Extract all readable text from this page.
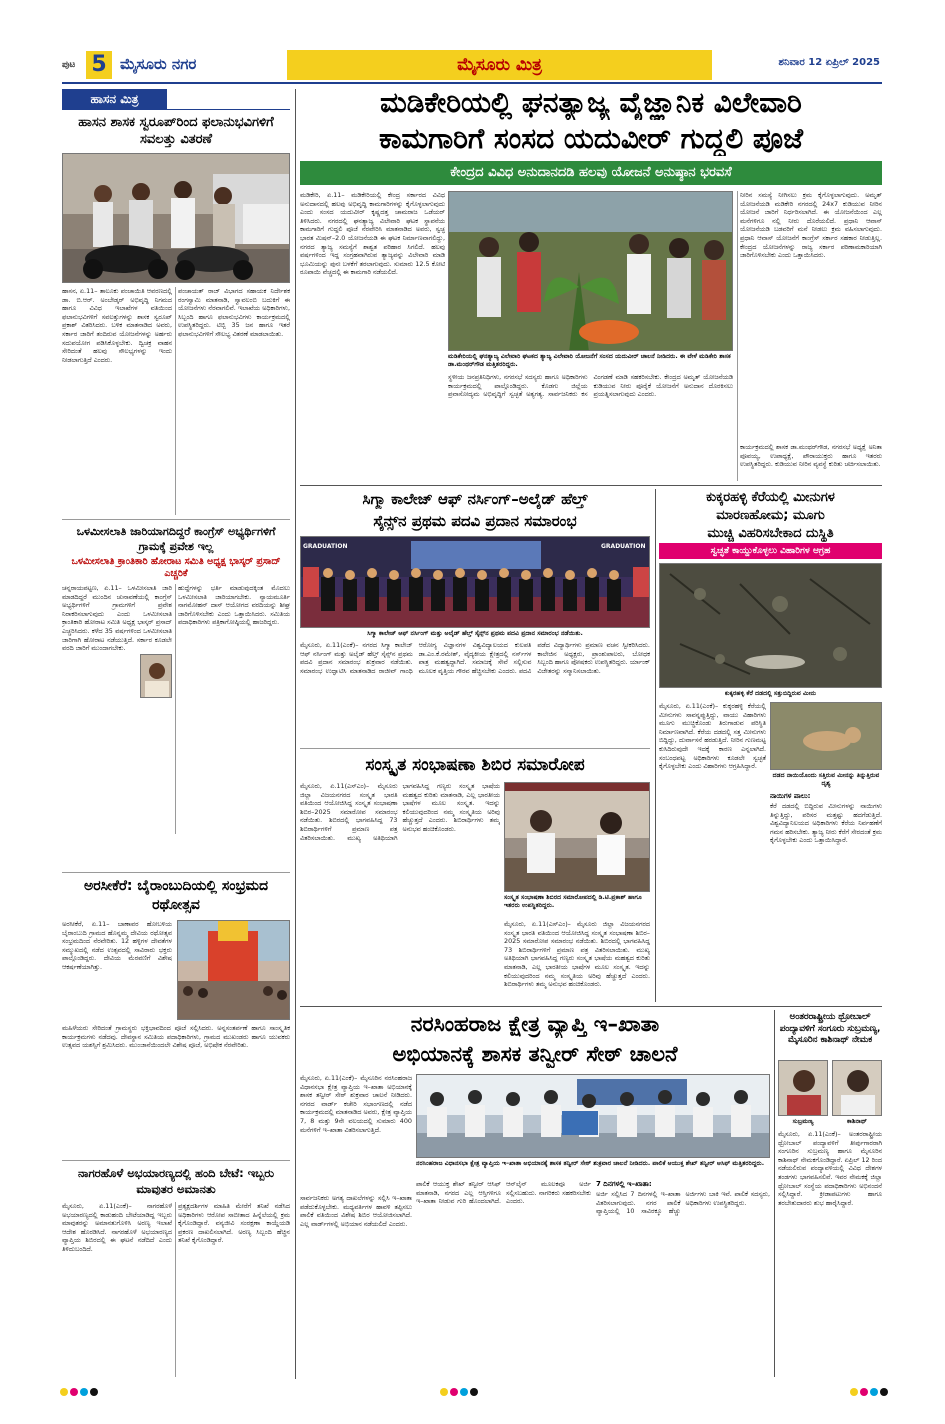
ಪುಟ 5 ಮೈಸೂರು ನಗರ	ಮೈಸೂರು ಮಿತ್ರ	ಶನಿವಾರ 12 ಏಪ್ರಿಲ್ 2025
ಹಾಸನ ಮಿತ್ರ
ಹಾಸನ ಶಾಸಕ ಸ್ವರೂಪ್‌ರಿಂದ ಫಲಾನುಭವಿಗಳಿಗೆ ಸವಲತ್ತು ವಿತರಣೆ
ಹಾಸನ, ಏ.11– ತಾಲೂಕು ಪಂಚಾಯಿತಿ ಆವರಣದಲ್ಲಿ ಡಾ. ಬಿ.ಆರ್. ಅಂಬೇಡ್ಕರ್ ಅಭಿವೃದ್ಧಿ ನಿಗಮದ ಹಾಗೂ ವಿವಿಧ ಇಲಾಖೆಗಳ ವತಿಯಿಂದ ಫಲಾನುಭವಿಗಳಿಗೆ ಸವಲತ್ತುಗಳನ್ನು ಶಾಸಕ ಸ್ವರೂಪ್ ಪ್ರಕಾಶ್ ವಿತರಿಸಿದರು. ಬಳಿಕ ಮಾತನಾಡಿದ ಅವರು, ಸರ್ಕಾರ ಜಾರಿಗೆ ತಂದಿರುವ ಯೋಜನೆಗಳನ್ನು ಅರ್ಹರು ಸದುಪಯೋಗ ಪಡಿಸಿಕೊಳ್ಳಬೇಕು. ದ್ವಿಚಕ್ರ ವಾಹನ ಸೇರಿದಂತೆ ಹಲವು ಸೌಲಭ್ಯಗಳನ್ನು ಇಂದು ನೀಡಲಾಗುತ್ತಿದೆ ಎಂದರು.
ಪಂಚಾಯತ್ ರಾಜ್ ವಿಭಾಗದ ಸಹಾಯಕ ನಿರ್ದೇಶಕ ರಂಗಸ್ವಾಮಿ ಮಾತನಾಡಿ, ಸ್ವಾವಲಂಬಿ ಬದುಕಿಗೆ ಈ ಯೋಜನೆಗಳು ನೆರವಾಗಲಿವೆ. ಇಲಾಖೆಯ ಅಧಿಕಾರಿಗಳು, ಸಿಬ್ಬಂದಿ ಹಾಗೂ ಫಲಾನುಭವಿಗಳು ಕಾರ್ಯಕ್ರಮದಲ್ಲಿ ಉಪಸ್ಥಿತರಿದ್ದರು. ಟಿಬ್ಬಿ 35 ಜನ ಹಾಗೂ ಇತರೆ ಫಲಾನುಭವಿಗಳಿಗೆ ಸೌಲಭ್ಯ ವಿತರಣೆ ಮಾಡಲಾಯಿತು.
ಒಳಮೀಸಲಾತಿ ಜಾರಿಯಾಗದಿದ್ದರೆ ಕಾಂಗ್ರೆಸ್ ಅಭ್ಯರ್ಥಿಗಳಿಗೆ ಗ್ರಾಮಕ್ಕೆ ಪ್ರವೇಶ ಇಲ್ಲ
ಒಳಮೀಸಲಾತಿ ಕ್ರಾಂತಿಕಾರಿ ಹೋರಾಟ ಸಮಿತಿ ಅಧ್ಯಕ್ಷ ಭಾಸ್ಕರ್ ಪ್ರಸಾದ್ ಎಚ್ಚರಿಕೆ
ಚನ್ನರಾಯಪಟ್ಟಣ, ಏ.11– ಒಳಮೀಸಲಾತಿ ಜಾರಿ ಮಾಡದಿದ್ದರೆ ಮುಂದಿನ ಚುನಾವಣೆಯಲ್ಲಿ ಕಾಂಗ್ರೆಸ್ ಅಭ್ಯರ್ಥಿಗಳಿಗೆ ಗ್ರಾಮಗಳಿಗೆ ಪ್ರವೇಶ ನಿರಾಕರಿಸಲಾಗುವುದು ಎಂದು ಒಳಮೀಸಲಾತಿ ಕ್ರಾಂತಿಕಾರಿ ಹೋರಾಟ ಸಮಿತಿ ಅಧ್ಯಕ್ಷ ಭಾಸ್ಕರ್ ಪ್ರಸಾದ್ ಎಚ್ಚರಿಸಿದರು. ಕಳೆದ 35 ವರ್ಷಗಳಿಂದ ಒಳಮೀಸಲಾತಿ ಜಾರಿಗಾಗಿ ಹೋರಾಟ ನಡೆಯುತ್ತಿದೆ. ಸರ್ಕಾರ ಕೂಡಲೇ ವರದಿ ಜಾರಿಗೆ ಮುಂದಾಗಬೇಕು.
ಹುದ್ದೆಗಳನ್ನು ಭರ್ತಿ ಮಾಡುವುದಕ್ಕಿಂತ ಮೊದಲು ಒಳಮೀಸಲಾತಿ ಜಾರಿಯಾಗಬೇಕು. ನ್ಯಾಯಮೂರ್ತಿ ನಾಗಮೋಹನ್ ದಾಸ್ ಆಯೋಗದ ವರದಿಯನ್ನು ಶೀಘ್ರ ಜಾರಿಗೊಳಿಸಬೇಕು ಎಂದು ಒತ್ತಾಯಿಸಿದರು. ಸಮಿತಿಯ ಪದಾಧಿಕಾರಿಗಳು ಪತ್ರಿಕಾಗೋಷ್ಠಿಯಲ್ಲಿ ಹಾಜರಿದ್ದರು.
ಅರಸೀಕೆರೆ: ಬೈರಾಂಬುದಿಯಲ್ಲಿ ಸಂಭ್ರಮದ ರಥೋತ್ಸವ
ಅರಸೀಕೆರೆ, ಏ.11– ಬಾಣಾವರ ಹೋಬಳಿಯ ಬೈರಾಂಬುದಿ ಗ್ರಾಮದ ಹೊನ್ನಮ್ಮ ದೇವಿಯ ರಥೋತ್ಸವ ಸಂಭ್ರಮದಿಂದ ನೆರವೇರಿತು. 12 ಹಳ್ಳಿಗಳ ದೇವತೆಗಳ ಸಮ್ಮುಖದಲ್ಲಿ ನಡೆದ ಉತ್ಸವದಲ್ಲಿ ಸಾವಿರಾರು ಭಕ್ತರು ಪಾಲ್ಗೊಂಡಿದ್ದರು. ದೇವಿಯ ಮೆರವಣಿಗೆ ವಿಶೇಷ ಆಕರ್ಷಣೆಯಾಗಿತ್ತು.
ಮಹಿಳೆಯರು ಸೇರಿದಂತೆ ಗ್ರಾಮಸ್ಥರು ಭಕ್ತಿಭಾವದಿಂದ ಪೂಜೆ ಸಲ್ಲಿಸಿದರು. ಅನ್ನಸಂತರ್ಪಣೆ ಹಾಗೂ ಸಾಂಸ್ಕೃತಿಕ ಕಾರ್ಯಕ್ರಮಗಳು ನಡೆದವು. ದೇವಸ್ಥಾನ ಸಮಿತಿಯ ಪದಾಧಿಕಾರಿಗಳು, ಗ್ರಾಮದ ಮುಖಂಡರು ಹಾಗೂ ಯುವಕರು ಉತ್ಸವದ ಯಶಸ್ಸಿಗೆ ಶ್ರಮಿಸಿದರು. ಮುಂಜಾನೆಯಿಂದಲೇ ವಿಶೇಷ ಪೂಜೆ, ಅಭಿಷೇಕ ನೆರವೇರಿತು.
ನಾಗರಹೊಳೆ ಅಭಯಾರಣ್ಯದಲ್ಲಿ ಹಂದಿ ಬೇಟೆ: ಇಬ್ಬರು ಮಾವುತರ ಅಮಾನತು
ಮೈಸೂರು, ಏ.11(ಎಂಕೆ)– ನಾಗರಹೊಳೆ ಅಭಯಾರಣ್ಯದಲ್ಲಿ ಕಾಡುಹಂದಿ ಬೇಟೆಯಾಡಿದ್ದ ಇಬ್ಬರು ಮಾವುತರನ್ನು ಅಮಾನತುಗೊಳಿಸಿ ಅರಣ್ಯ ಇಲಾಖೆ ಆದೇಶ ಹೊರಡಿಸಿದೆ. ನಾಗರಹೊಳೆ ಅಭಯಾರಣ್ಯದ ವ್ಯಾಪ್ತಿಯ ಶಿಬಿರದಲ್ಲಿ ಈ ಘಟನೆ ನಡೆದಿದೆ ಎಂದು ತಿಳಿದುಬಂದಿದೆ.
ಪ್ರತ್ಯಕ್ಷದರ್ಶಿಗಳ ಮಾಹಿತಿ ಮೇರೆಗೆ ತನಿಖೆ ನಡೆಸಿದ ಅಧಿಕಾರಿಗಳು ಆರೋಪ ಸಾಬೀತಾದ ಹಿನ್ನೆಲೆಯಲ್ಲಿ ಕ್ರಮ ಕೈಗೊಂಡಿದ್ದಾರೆ. ವನ್ಯಜೀವಿ ಸಂರಕ್ಷಣಾ ಕಾಯ್ದೆಯಡಿ ಪ್ರಕರಣ ದಾಖಲಿಸಲಾಗಿದೆ. ಅರಣ್ಯ ಸಿಬ್ಬಂದಿ ಹೆಚ್ಚಿನ ತನಿಖೆ ಕೈಗೊಂಡಿದ್ದಾರೆ.
ಮಡಿಕೇರಿಯಲ್ಲಿ ಘನತ್ಯಾಜ್ಯ ವೈಜ್ಞಾನಿಕ ವಿಲೇವಾರಿ
ಕಾಮಗಾರಿಗೆ ಸಂಸದ ಯದುವೀರ್ ಗುದ್ದಲಿ ಪೂಜೆ
ಕೇಂದ್ರದ ವಿವಿಧ ಅನುದಾನದಡಿ ಹಲವು ಯೋಜನೆ ಅನುಷ್ಠಾನ ಭರವಸೆ
ಮಡಿಕೇರಿ, ಏ.11– ಮಡಿಕೇರಿಯಲ್ಲಿ ಕೇಂದ್ರ ಸರ್ಕಾರದ ವಿವಿಧ ಅನುದಾನದಲ್ಲಿ ಹಲವು ಅಭಿವೃದ್ಧಿ ಕಾಮಗಾರಿಗಳನ್ನು ಕೈಗೊಳ್ಳಲಾಗುವುದು ಎಂದು ಸಂಸದ ಯದುವೀರ್ ಕೃಷ್ಣದತ್ತ ಚಾಮರಾಜ ಒಡೆಯರ್ ತಿಳಿಸಿದರು. ನಗರದಲ್ಲಿ ಘನತ್ಯಾಜ್ಯ ವಿಲೇವಾರಿ ಘಟಕ ಸ್ಥಾಪನೆಯ ಕಾಮಗಾರಿಗೆ ಗುದ್ದಲಿ ಪೂಜೆ ನೆರವೇರಿಸಿ ಮಾತನಾಡಿದ ಅವರು, ಸ್ವಚ್ಛ ಭಾರತ ಮಿಷನ್–2.0 ಯೋಜನೆಯಡಿ ಈ ಘಟಕ ನಿರ್ಮಾಣವಾಗಲಿದ್ದು, ನಗರದ ತ್ಯಾಜ್ಯ ಸಮಸ್ಯೆಗೆ ಶಾಶ್ವತ ಪರಿಹಾರ ಸಿಗಲಿದೆ. ಹಲವು ವರ್ಷಗಳಿಂದ ಇದ್ದ ಸಂಗ್ರಹವಾಗಿರುವ ತ್ಯಾಜ್ಯವನ್ನು ವಿಲೇವಾರಿ ಮಾಡಿ ಭೂಮಿಯನ್ನು ಪುನಃ ಬಳಕೆಗೆ ತರಲಾಗುವುದು. ಸುಮಾರು 12.5 ಕೋಟಿ ರೂಪಾಯಿ ವೆಚ್ಚದಲ್ಲಿ ಈ ಕಾಮಗಾರಿ ನಡೆಯಲಿದೆ.
ಮಡಿಕೇರಿಯಲ್ಲಿ ಘನತ್ಯಾಜ್ಯ ವಿಲೇವಾರಿ ಘಟಕದ ತ್ಯಾಜ್ಯ ವಿಲೇವಾರಿ ಯೋಜನೆಗೆ ಸಂಸದ ಯದುವೀರ್ ಚಾಲನೆ ನೀಡಿದರು. ಈ ವೇಳೆ ಮಡಿಕೇರಿ ಶಾಸಕ ಡಾ.ಮಂಥರ್‌ಗೌಡ ಮತ್ತಿತರರಿದ್ದರು.
ಸ್ಥಳೀಯ ಜನಪ್ರತಿನಿಧಿಗಳು, ನಗರಸಭೆ ಸದಸ್ಯರು ಹಾಗೂ ಅಧಿಕಾರಿಗಳು ಕಾರ್ಯಕ್ರಮದಲ್ಲಿ ಪಾಲ್ಗೊಂಡಿದ್ದರು. ಕೊಡಗು ಜಿಲ್ಲೆಯ ಪ್ರವಾಸೋದ್ಯಮ ಅಭಿವೃದ್ಧಿಗೆ ಸ್ವಚ್ಛತೆ ಅತ್ಯಗತ್ಯ. ಸಾರ್ವಜನಿಕರು ಕಸ ವಿಂಗಡಣೆ ಮಾಡಿ ಸಹಕರಿಸಬೇಕು. ಕೇಂದ್ರದ ಅಮೃತ್ ಯೋಜನೆಯಡಿ ಕುಡಿಯುವ ನೀರು ಪೂರೈಕೆ ಯೋಜನೆಗೆ ಅನುದಾನ ದೊರಕಿಸಲು ಪ್ರಯತ್ನಿಸಲಾಗುವುದು ಎಂದರು.
ನೀರಿನ ಸಮಸ್ಯೆ ನೀಗಿಸಲು ಕ್ರಮ ಕೈಗೊಳ್ಳಲಾಗುವುದು. ಅಮೃತ್ ಯೋಜನೆಯಡಿ ಮಡಿಕೇರಿ ನಗರದಲ್ಲಿ 24x7 ಕುಡಿಯುವ ನೀರಿನ ಯೋಜನೆ ಜಾರಿಗೆ ನಿರ್ಧರಿಸಲಾಗಿದೆ. ಈ ಯೋಜನೆಯಿಂದ ಎಲ್ಲ ಮನೆಗಳಿಗೂ ನಲ್ಲಿ ನೀರು ದೊರೆಯಲಿದೆ. ಪ್ರಧಾನಿ ಆವಾಸ್ ಯೋಜನೆಯಡಿ ಬಡವರಿಗೆ ಮನೆ ನೀಡಲು ಕ್ರಮ ವಹಿಸಲಾಗುವುದು. ಪ್ರಧಾನಿ ಆವಾಸ್ ಯೋಜನೆಗೆ ಕಾಂಗ್ರೆಸ್ ಸರ್ಕಾರ ಸಹಕಾರ ನೀಡುತ್ತಿಲ್ಲ. ಕೇಂದ್ರದ ಯೋಜನೆಗಳನ್ನು ರಾಜ್ಯ ಸರ್ಕಾರ ಪರಿಣಾಮಕಾರಿಯಾಗಿ ಜಾರಿಗೊಳಿಸಬೇಕು ಎಂದು ಒತ್ತಾಯಿಸಿದರು.
ಕಾರ್ಯಕ್ರಮದಲ್ಲಿ ಶಾಸಕ ಡಾ.ಮಂಥರ್‌ಗೌಡ, ನಗರಸಭೆ ಅಧ್ಯಕ್ಷೆ ಅನಿತಾ ಪೂವಯ್ಯ, ಉಪಾಧ್ಯಕ್ಷೆ, ಪೌರಾಯುಕ್ತರು ಹಾಗೂ ಇತರರು ಉಪಸ್ಥಿತರಿದ್ದರು. ಕುಡಿಯುವ ನೀರಿನ ವ್ಯವಸ್ಥೆ ಕುರಿತು ಚರ್ಚಿಸಲಾಯಿತು.
ಸಿಗ್ಮಾ ಕಾಲೇಜ್ ಆಫ್ ನರ್ಸಿಂಗ್–ಅಲೈಡ್ ಹೆಲ್ತ್
ಸೈನ್ಸ್‌ನ ಪ್ರಥಮ ಪದವಿ ಪ್ರದಾನ ಸಮಾರಂಭ
GRADUATION	GRADUATION
ಸಿಗ್ಮಾ ಕಾಲೇಜ್ ಆಫ್ ನರ್ಸಿಂಗ್ ಮತ್ತು ಅಲೈಡ್ ಹೆಲ್ತ್ ಸೈನ್ಸ್‌ನ ಪ್ರಥಮ ಪದವಿ ಪ್ರದಾನ ಸಮಾರಂಭ ನಡೆಯಿತು.
ಮೈಸೂರು, ಏ.11(ಎಂಕೆ)– ನಗರದ ಸಿಗ್ಮಾ ಕಾಲೇಜ್ ಆಫ್ ನರ್ಸಿಂಗ್ ಮತ್ತು ಅಲೈಡ್ ಹೆಲ್ತ್ ಸೈನ್ಸ್‌ನ ಪ್ರಥಮ ಪದವಿ ಪ್ರದಾನ ಸಮಾರಂಭ ಶುಕ್ರವಾರ ನಡೆಯಿತು. ಸಮಾರಂಭ ಉದ್ಘಾಟಿಸಿ ಮಾತನಾಡಿದ ರಾಜೀವ್ ಗಾಂಧಿ ಆರೋಗ್ಯ ವಿಜ್ಞಾನಗಳ ವಿಶ್ವವಿದ್ಯಾಲಯದ ಕುಲಪತಿ ಡಾ.ಎಂ.ಕೆ.ರಮೇಶ್, ವೈದ್ಯಕೀಯ ಕ್ಷೇತ್ರದಲ್ಲಿ ನರ್ಸ್‌ಗಳ ಪಾತ್ರ ಮಹತ್ವದ್ದಾಗಿದೆ. ಸಮಾಜಕ್ಕೆ ಸೇವೆ ಸಲ್ಲಿಸುವ ಮೂಲಕ ವೃತ್ತಿಯ ಗೌರವ ಹೆಚ್ಚಿಸಬೇಕು ಎಂದರು. ಪದವಿ ಪಡೆದ ವಿದ್ಯಾರ್ಥಿಗಳು ಪ್ರಮಾಣ ವಚನ ಸ್ವೀಕರಿಸಿದರು. ಕಾಲೇಜಿನ ಅಧ್ಯಕ್ಷರು, ಪ್ರಾಂಶುಪಾಲರು, ಬೋಧಕ ಸಿಬ್ಬಂದಿ ಹಾಗೂ ಪೋಷಕರು ಉಪಸ್ಥಿತರಿದ್ದರು. ರ್ಯಾಂಕ್ ವಿಜೇತರನ್ನು ಸನ್ಮಾನಿಸಲಾಯಿತು.
ಸಂಸ್ಕೃತ ಸಂಭಾಷಣಾ ಶಿಬಿರ ಸಮಾರೋಪ
ಮೈಸೂರು, ಏ.11(ಎಸ್‌ಎಂ)– ಮೈಸೂರು ಜಿಲ್ಲಾ ವಿಜಯನಗರದ ಸಂಸ್ಕೃತ ಭಾರತಿ ವತಿಯಿಂದ ಆಯೋಜಿಸಿದ್ದ ಸಂಸ್ಕೃತ ಸಂಭಾಷಣಾ ಶಿಬಿರ–2025 ಸಮಾರೋಪ ಸಮಾರಂಭ ನಡೆಯಿತು. ಶಿಬಿರದಲ್ಲಿ ಭಾಗವಹಿಸಿದ್ದ 73 ಶಿಬಿರಾರ್ಥಿಗಳಿಗೆ ಪ್ರಮಾಣ ಪತ್ರ ವಿತರಿಸಲಾಯಿತು. ಮುಖ್ಯ ಅತಿಥಿಯಾಗಿ ಭಾಗವಹಿಸಿದ್ದ ಗಣ್ಯರು ಸಂಸ್ಕೃತ ಭಾಷೆಯ ಮಹತ್ವದ ಕುರಿತು ಮಾತನಾಡಿ, ಎಲ್ಲ ಭಾರತೀಯ ಭಾಷೆಗಳ ಮೂಲ ಸಂಸ್ಕೃತ. ಇದನ್ನು ಕಲಿಯುವುದರಿಂದ ನಮ್ಮ ಸಂಸ್ಕೃತಿಯ ಅರಿವು ಹೆಚ್ಚುತ್ತದೆ ಎಂದರು. ಶಿಬಿರಾರ್ಥಿಗಳು ತಮ್ಮ ಅನುಭವ ಹಂಚಿಕೊಂಡರು.
ಸಂಸ್ಕೃತ ಸಂಭಾಷಣಾ ಶಿಬಿರದ ಸಮಾರೋಪದಲ್ಲಿ ಡಿ.ಟಿ.ಪ್ರಕಾಶ್ ಹಾಗೂ ಇತರರು ಉಪಸ್ಥಿತರಿದ್ದರು.
ಮೈಸೂರು, ಏ.11(ಎಸ್‌ಎಂ)– ಮೈಸೂರು ಜಿಲ್ಲಾ ವಿಜಯನಗರದ ಸಂಸ್ಕೃತ ಭಾರತಿ ವತಿಯಿಂದ ಆಯೋಜಿಸಿದ್ದ ಸಂಸ್ಕೃತ ಸಂಭಾಷಣಾ ಶಿಬಿರ–2025 ಸಮಾರೋಪ ಸಮಾರಂಭ ನಡೆಯಿತು. ಶಿಬಿರದಲ್ಲಿ ಭಾಗವಹಿಸಿದ್ದ 73 ಶಿಬಿರಾರ್ಥಿಗಳಿಗೆ ಪ್ರಮಾಣ ಪತ್ರ ವಿತರಿಸಲಾಯಿತು. ಮುಖ್ಯ ಅತಿಥಿಯಾಗಿ ಭಾಗವಹಿಸಿದ್ದ ಗಣ್ಯರು ಸಂಸ್ಕೃತ ಭಾಷೆಯ ಮಹತ್ವದ ಕುರಿತು ಮಾತನಾಡಿ, ಎಲ್ಲ ಭಾರತೀಯ ಭಾಷೆಗಳ ಮೂಲ ಸಂಸ್ಕೃತ. ಇದನ್ನು ಕಲಿಯುವುದರಿಂದ ನಮ್ಮ ಸಂಸ್ಕೃತಿಯ ಅರಿವು ಹೆಚ್ಚುತ್ತದೆ ಎಂದರು. ಶಿಬಿರಾರ್ಥಿಗಳು ತಮ್ಮ ಅನುಭವ ಹಂಚಿಕೊಂಡರು.
ಕುಕ್ಕರಹಳ್ಳಿ ಕೆರೆಯಲ್ಲಿ ಮೀನುಗಳ
ಮಾರಣಹೋಮ; ಮೂಗು
ಮುಚ್ಚಿ ವಿಹರಿಸಬೇಕಾದ ದುಸ್ಥಿತಿ
ಸ್ವಚ್ಛತೆ ಕಾಯ್ದುಕೊಳ್ಳಲು ವಿಹಾರಿಗಳ ಆಗ್ರಹ
ಕುಕ್ಕರಹಳ್ಳಿ ಕೆರೆ ದಡದಲ್ಲಿ ಸತ್ತುಬಿದ್ದಿರುವ ಮೀನು
ಮೈಸೂರು, ಏ.11(ಎಂಕೆ)– ಕುಕ್ಕರಹಳ್ಳಿ ಕೆರೆಯಲ್ಲಿ ಮೀನುಗಳು ಸಾವನ್ನಪ್ಪುತ್ತಿದ್ದು, ವಾಯು ವಿಹಾರಿಗಳು ಮೂಗು ಮುಚ್ಚಿಕೊಂಡು ತಿರುಗಾಡುವ ಪರಿಸ್ಥಿತಿ ನಿರ್ಮಾಣವಾಗಿದೆ. ಕೆರೆಯ ದಡದಲ್ಲಿ ಸತ್ತ ಮೀನುಗಳು ಬಿದ್ದಿದ್ದು, ದುರ್ವಾಸನೆ ಹರಡುತ್ತಿದೆ. ನೀರಿನ ಗುಣಮಟ್ಟ ಕುಸಿದಿರುವುದೇ ಇದಕ್ಕೆ ಕಾರಣ ಎನ್ನಲಾಗಿದೆ. ಸಂಬಂಧಪಟ್ಟ ಅಧಿಕಾರಿಗಳು ಕೂಡಲೇ ಸ್ವಚ್ಛತೆ ಕೈಗೊಳ್ಳಬೇಕು ಎಂದು ವಿಹಾರಿಗಳು ಆಗ್ರಹಿಸಿದ್ದಾರೆ.
ದಡದ ನಾಯಿಯೊಂದು ಸತ್ತಿರುವ ಮೀನನ್ನು ತಿನ್ನುತ್ತಿರುವ ದೃಶ್ಯ
ನಾಯಿಗಳ ಪಾಲು:
ಕೆರೆ ದಡದಲ್ಲಿ ಬಿದ್ದಿರುವ ಮೀನುಗಳನ್ನು ನಾಯಿಗಳು ತಿನ್ನುತ್ತಿದ್ದು, ಪರಿಸರ ಮತ್ತಷ್ಟು ಹದಗೆಡುತ್ತಿದೆ. ವಿಶ್ವವಿದ್ಯಾನಿಲಯದ ಅಧಿಕಾರಿಗಳು ಕೆರೆಯ ನಿರ್ವಹಣೆಗೆ ಗಮನ ಹರಿಸಬೇಕು. ತ್ಯಾಜ್ಯ ನೀರು ಕೆರೆಗೆ ಸೇರದಂತೆ ಕ್ರಮ ಕೈಗೊಳ್ಳಬೇಕು ಎಂದು ಒತ್ತಾಯಿಸಿದ್ದಾರೆ.
ನರಸಿಂಹರಾಜ ಕ್ಷೇತ್ರ ವ್ಯಾಪ್ತಿ ಇ–ಖಾತಾ
ಅಭಿಯಾನಕ್ಕೆ ಶಾಸಕ ತನ್ವೀರ್ ಸೇಠ್ ಚಾಲನೆ
ಮೈಸೂರು, ಏ.11(ಎಂಕೆ)– ಮೈಸೂರಿನ ನರಸಿಂಹರಾಜ ವಿಧಾನಸಭಾ ಕ್ಷೇತ್ರ ವ್ಯಾಪ್ತಿಯ ಇ–ಖಾತಾ ಅಭಿಯಾನಕ್ಕೆ ಶಾಸಕ ತನ್ವೀರ್ ಸೇಠ್ ಶುಕ್ರವಾರ ಚಾಲನೆ ನೀಡಿದರು. ನಗರದ ವಾರ್ಡ್ ಕಚೇರಿ ಸಭಾಂಗಣದಲ್ಲಿ ನಡೆದ ಕಾರ್ಯಕ್ರಮದಲ್ಲಿ ಮಾತನಾಡಿದ ಅವರು, ಕ್ಷೇತ್ರ ವ್ಯಾಪ್ತಿಯ 7, 8 ಮತ್ತು 9ನೇ ವಲಯದಲ್ಲಿ ಸುಮಾರು 400 ಮನೆಗಳಿಗೆ ಇ–ಖಾತಾ ವಿತರಿಸಲಾಗುತ್ತಿದೆ.
ನರಸಿಂಹರಾಜ ವಿಧಾನಸಭಾ ಕ್ಷೇತ್ರ ವ್ಯಾಪ್ತಿಯ ಇ–ಖಾತಾ ಅಭಿಯಾನಕ್ಕೆ ಶಾಸಕ ತನ್ವೀರ್ ಸೇಠ್ ಶುಕ್ರವಾರ ಚಾಲನೆ ನೀಡಿದರು. ಪಾಲಿಕೆ ಆಯುಕ್ತ ಶೇಖ್ ತನ್ವೀರ್ ಆಸಿಫ್ ಮತ್ತಿತರರಿದ್ದರು.
ಸಾರ್ವಜನಿಕರು ಅಗತ್ಯ ದಾಖಲೆಗಳನ್ನು ಸಲ್ಲಿಸಿ ಇ–ಖಾತಾ ಪಡೆದುಕೊಳ್ಳಬೇಕು. ಮಧ್ಯವರ್ತಿಗಳ ಹಾವಳಿ ತಪ್ಪಿಸಲು ಪಾಲಿಕೆ ವತಿಯಿಂದ ವಿಶೇಷ ಶಿಬಿರ ಆಯೋಜಿಸಲಾಗಿದೆ. ಎಲ್ಲ ವಾರ್ಡ್‌ಗಳಲ್ಲಿ ಅಭಿಯಾನ ನಡೆಯಲಿದೆ ಎಂದರು.
ಪಾಲಿಕೆ ಆಯುಕ್ತ ಶೇಖ್ ತನ್ವೀರ್ ಆಸಿಫ್ ಮಾತನಾಡಿ, ನಗರದ ಎಲ್ಲ ಆಸ್ತಿಗಳಿಗೂ ಇ–ಖಾತಾ ನೀಡುವ ಗುರಿ ಹೊಂದಲಾಗಿದೆ. ಆನ್‌ಲೈನ್ ಮೂಲಕವೂ ಅರ್ಜಿ ಸಲ್ಲಿಸಬಹುದು. ನಾಗರಿಕರು ಸಹಕರಿಸಬೇಕು ಎಂದರು.
7 ದಿನಗಳಲ್ಲಿ ಇ–ಖಾತಾ:
ಅರ್ಜಿ ಸಲ್ಲಿಸಿದ 7 ದಿನಗಳಲ್ಲಿ ಇ–ಖಾತಾ ವಿತರಿಸಲಾಗುವುದು. ನಗರ ಪಾಲಿಕೆ ವ್ಯಾಪ್ತಿಯಲ್ಲಿ 10 ಸಾವಿರಕ್ಕೂ ಹೆಚ್ಚು ಅರ್ಜಿಗಳು ಬಾಕಿ ಇವೆ. ಪಾಲಿಕೆ ಸದಸ್ಯರು, ಅಧಿಕಾರಿಗಳು ಉಪಸ್ಥಿತರಿದ್ದರು.
ಅಂತರರಾಷ್ಟ್ರೀಯ ಥ್ರೋಬಾಲ್ ಪಂದ್ಯಾವಳಿಗೆ ಸಂಗೂರು ಸುಬ್ರಮಣ್ಯ, ಮೈಸೂರಿನ ಕಾಶಿನಾಥ್ ನೇಮಕ
ಸುಬ್ರಮಣ್ಯ	ಕಾಶಿನಾಥ್
ಮೈಸೂರು, ಏ.11(ಎಂಕೆ)– ಅಂತರರಾಷ್ಟ್ರೀಯ ಥ್ರೋಬಾಲ್ ಪಂದ್ಯಾವಳಿಗೆ ತೀರ್ಪುಗಾರರಾಗಿ ಸಂಗೂರಿನ ಸುಬ್ರಮಣ್ಯ ಹಾಗೂ ಮೈಸೂರಿನ ಕಾಶಿನಾಥ್ ನೇಮಕಗೊಂಡಿದ್ದಾರೆ. ಏಪ್ರಿಲ್ 12 ರಿಂದ ನಡೆಯಲಿರುವ ಪಂದ್ಯಾವಳಿಯಲ್ಲಿ ವಿವಿಧ ದೇಶಗಳ ತಂಡಗಳು ಭಾಗವಹಿಸಲಿವೆ. ಇವರ ನೇಮಕಕ್ಕೆ ಜಿಲ್ಲಾ ಥ್ರೋಬಾಲ್ ಸಂಸ್ಥೆಯ ಪದಾಧಿಕಾರಿಗಳು ಅಭಿನಂದನೆ ಸಲ್ಲಿಸಿದ್ದಾರೆ. ಕ್ರೀಡಾಪಟುಗಳು ಹಾಗೂ ತರಬೇತುದಾರರು ಶುಭ ಹಾರೈಸಿದ್ದಾರೆ.
